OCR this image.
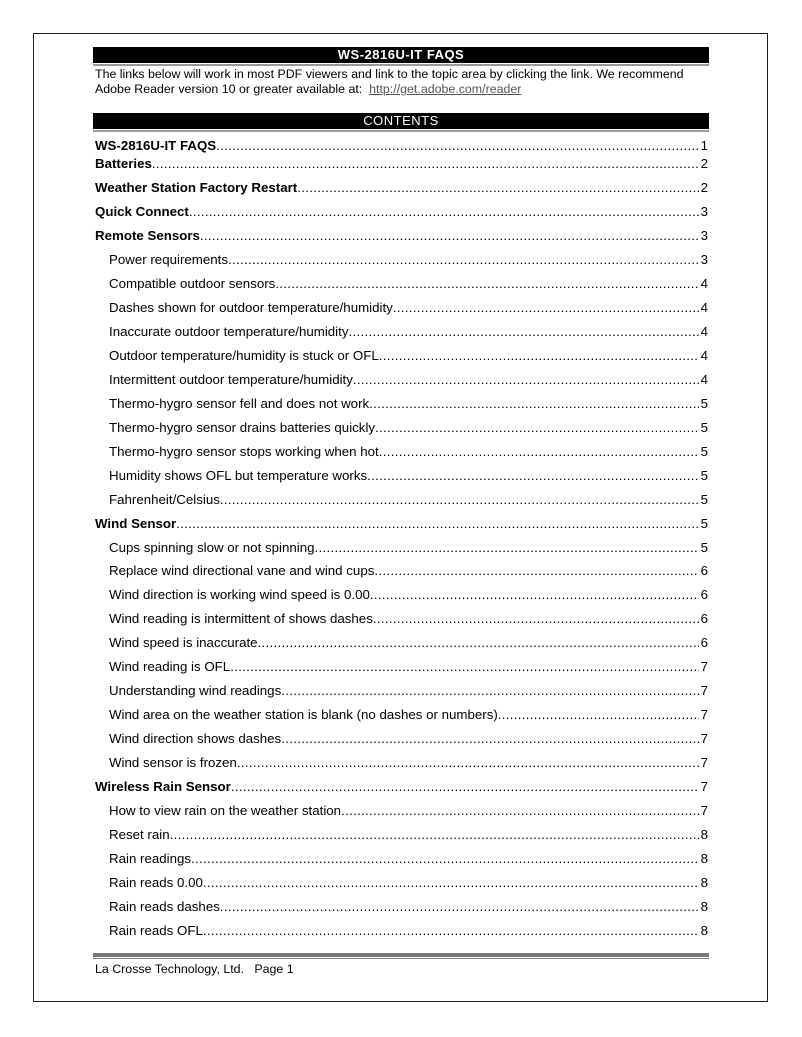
WS-2816U-IT FAQS
The links below will work in most PDF viewers and link to the topic area by clicking the link. We recommend Adobe Reader version 10 or greater available at: http://get.adobe.com/reader
CONTENTS
WS-2816U-IT FAQS .....	1
Batteries .....	2
Weather Station Factory Restart .....	2
Quick Connect .....	3
Remote Sensors .....	3
Power requirements .....	3
Compatible outdoor sensors .....	4
Dashes shown for outdoor temperature/humidity .....	4
Inaccurate outdoor temperature/humidity .....	4
Outdoor temperature/humidity is stuck or OFL .....	4
Intermittent outdoor temperature/humidity .....	4
Thermo-hygro sensor fell and does not work .....	5
Thermo-hygro sensor drains batteries quickly .....	5
Thermo-hygro sensor stops working when hot .....	5
Humidity shows OFL but temperature works .....	5
Fahrenheit/Celsius .....	5
Wind Sensor .....	5
Cups spinning slow or not spinning .....	5
Replace wind directional vane and wind cups .....	6
Wind direction is working wind speed is 0.00 .....	6
Wind reading is intermittent of shows dashes .....	6
Wind speed is inaccurate .....	6
Wind reading is OFL .....	7
Understanding wind readings .....	7
Wind area on the weather station is blank (no dashes or numbers) .....	7
Wind direction shows dashes .....	7
Wind sensor is frozen .....	7
Wireless Rain Sensor .....	7
How to view rain on the weather station .....	7
Reset rain .....	8
Rain readings .....	8
Rain reads 0.00 .....	8
Rain reads dashes .....	8
Rain reads OFL .....	8
La Crosse Technology, Ltd.   Page 1
